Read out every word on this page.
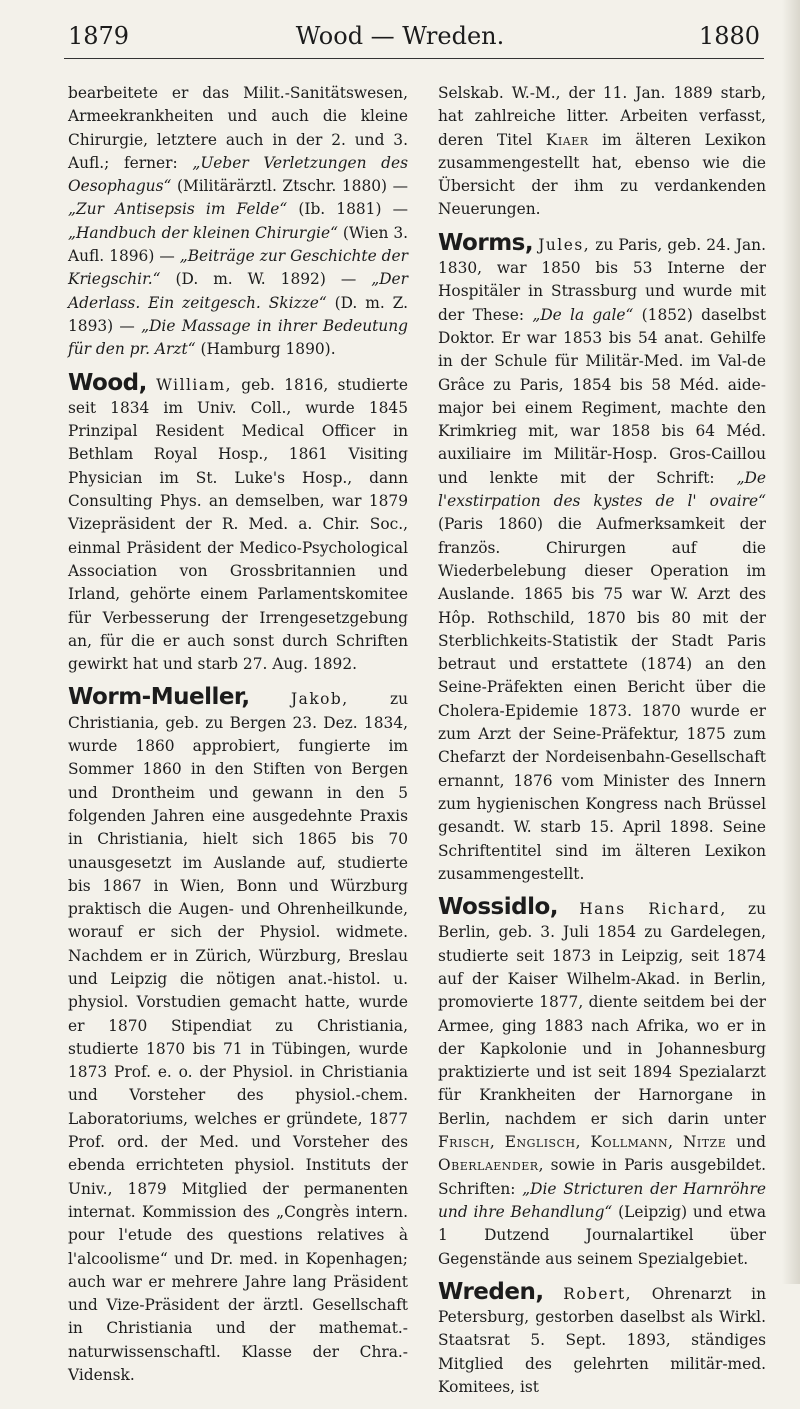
1879	Wood — Wreden.	1880

bearbeitete er das Milit.-Sanitätswesen, Armeekrankheiten und auch die kleine Chirurgie, letztere auch in der 2. und 3. Aufl.; ferner: „Ueber Verletzungen des Oesophagus“ (Militärärztl. Ztschr. 1880) — „Zur Antisepsis im Felde“ (Ib. 1881) — „Handbuch der kleinen Chirurgie“ (Wien 3. Aufl. 1896) — „Beiträge zur Geschichte der Kriegschir.“ (D. m. W. 1892) — „Der Aderlass. Ein zeitgesch. Skizze“ (D. m. Z. 1893) — „Die Massage in ihrer Bedeutung für den pr. Arzt“ (Hamburg 1890).

Wood, William, geb. 1816, studierte seit 1834 im Univ. Coll., wurde 1845 Prinzipal Resident Medical Officer in Bethlam Royal Hosp., 1861 Visiting Physician im St. Luke's Hosp., dann Consulting Phys. an demselben, war 1879 Vizepräsident der R. Med. a. Chir. Soc., einmal Präsident der Medico-Psychological Association von Grossbritannien und Irland, gehörte einem Parlamentskomitee für Verbesserung der Irrengesetzgebung an, für die er auch sonst durch Schriften gewirkt hat und starb 27. Aug. 1892.

Worm-Mueller,	Jakob, zu Christiania, geb. zu Bergen 23. Dez. 1834, wurde 1860 approbiert, fungierte im Sommer 1860 in den Stiften von Bergen und Drontheim und gewann in den 5 folgenden Jahren eine ausgedehnte Praxis in Christiania, hielt sich 1865 bis 70 unausgesetzt im Auslande auf, studierte bis 1867 in Wien, Bonn und Würzburg praktisch die Augen- und Ohrenheilkunde, worauf er sich der Physiol. widmete. Nachdem er in Zürich, Würzburg, Breslau und Leipzig die nötigen anat.-histol. u. physiol. Vorstudien gemacht hatte, wurde er 1870 Stipendiat zu Christiania, studierte 1870 bis 71 in Tübingen, wurde 1873 Prof. e. o. der Physiol. in Christiania und Vorsteher des physiol.-chem. Laboratoriums, welches er gründete, 1877 Prof. ord. der Med. und Vorsteher des ebenda errichteten physiol. Instituts der Univ., 1879 Mitglied der permanenten internat. Kommission des „Congrès intern. pour l'etude des questions relatives à l'alcoolisme“ und Dr. med. in Kopenhagen; auch war er mehrere Jahre lang Präsident und Vize-Präsident der ärztl. Gesellschaft in Christiania und der mathemat.-naturwissenschaftl. Klasse der Chra.-Vidensk.

Selskab. W.-M., der 11. Jan. 1889 starb, hat zahlreiche litter. Arbeiten verfasst, deren Titel Kiaer im älteren Lexikon zusammengestellt hat, ebenso wie die Übersicht der ihm zu verdankenden Neuerungen.

Worms, Jules, zu Paris, geb. 24. Jan. 1830, war 1850 bis 53 Interne der Hospitäler in Strassburg und wurde mit der These: „De la gale“ (1852) daselbst Doktor. Er war 1853 bis 54 anat. Gehilfe in der Schule für Militär-Med. im Val-de Grâce zu Paris, 1854 bis 58 Méd. aide-major bei einem Regiment, machte den Krimkrieg mit, war 1858 bis 64 Méd. auxiliaire im Militär-Hosp. Gros-Caillou und lenkte mit der Schrift: „De l'exstirpation des kystes de l' ovaire“ (Paris 1860) die Aufmerksamkeit der französ. Chirurgen auf die Wiederbelebung dieser Operation im Auslande. 1865 bis 75 war W. Arzt des Hôp. Rothschild, 1870 bis 80 mit der Sterblichkeits-Statistik der Stadt Paris betraut und erstattete (1874) an den Seine-Präfekten einen Bericht über die Cholera-Epidemie 1873. 1870 wurde er zum Arzt der Seine-Präfektur, 1875 zum Chefarzt der Nordeisenbahn-Gesellschaft ernannt, 1876 vom Minister des Innern zum hygienischen Kongress nach Brüssel gesandt. W. starb 15. April 1898. Seine Schriftentitel sind im älteren Lexikon zusammengestellt.

Wossidlo, Hans Richard, zu Berlin, geb. 3. Juli 1854 zu Gardelegen, studierte seit 1873 in Leipzig, seit 1874 auf der Kaiser Wilhelm-Akad. in Berlin, promovierte 1877, diente seitdem bei der Armee, ging 1883 nach Afrika, wo er in der Kapkolonie und in Johannesburg praktizierte und ist seit 1894 Spezialarzt für Krankheiten der Harnorgane in Berlin, nachdem er sich darin unter Frisch, Englisch, Kollmann, Nitze und Oberlaender, sowie in Paris ausgebildet. Schriften: „Die Stricturen der Harnröhre und ihre Behandlung“ (Leipzig) und etwa 1 Dutzend Journalartikel über Gegenstände aus seinem Spezialgebiet.

Wreden, Robert, Ohrenarzt in Petersburg, gestorben daselbst als Wirkl. Staatsrat 5. Sept. 1893, ständiges Mitglied des gelehrten militär-med. Komitees, ist
